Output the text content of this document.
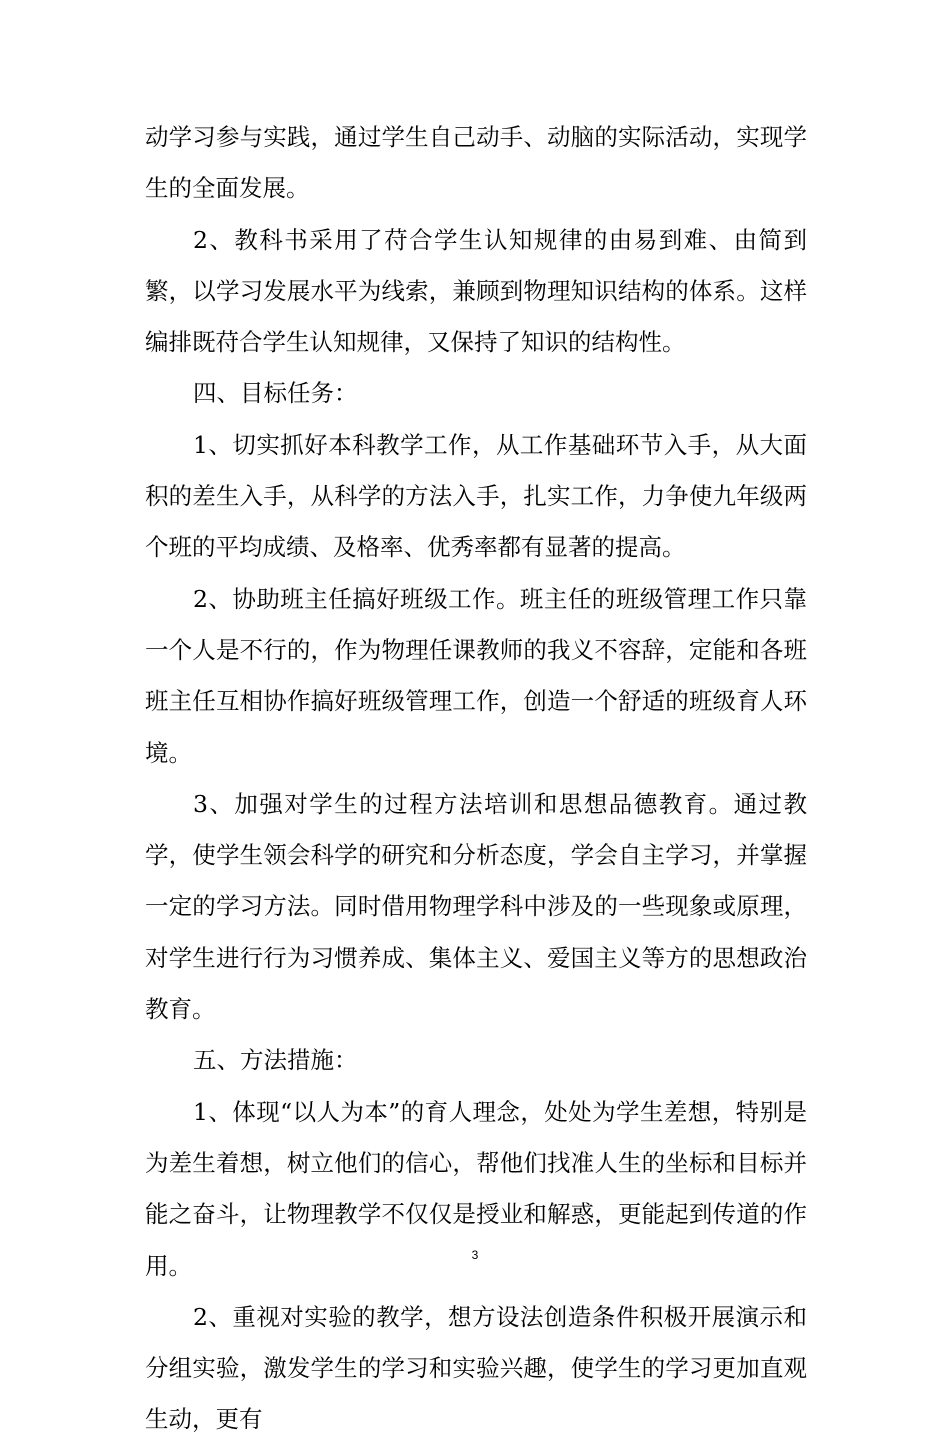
动学习参与实践，通过学生自己动手、动脑的实际活动，实现学生的全面发展。

2、教科书采用了苻合学生认知规律的由易到难、由简到繁，以学习发展水平为线索，兼顾到物理知识结构的体系。这样编排既苻合学生认知规律，又保持了知识的结构性。

四、目标任务：

1、切实抓好本科教学工作，从工作基础环节入手，从大面积的差生入手，从科学的方法入手，扎实工作，力争使九年级两个班的平均成绩、及格率、优秀率都有显著的提高。

2、协助班主任搞好班级工作。班主任的班级管理工作只靠一个人是不行的，作为物理任课教师的我义不容辞，定能和各班班主任互相协作搞好班级管理工作，创造一个舒适的班级育人环境。

3、加强对学生的过程方法培训和思想品德教育。通过教学，使学生领会科学的研究和分析态度，学会自主学习，并掌握一定的学习方法。同时借用物理学科中涉及的一些现象或原理，对学生进行行为习惯养成、集体主义、爱国主义等方的思想政治教育。

五、方法措施：

1、体现“以人为本”的育人理念，处处为学生差想，特别是为差生着想，树立他们的信心，帮他们找准人生的坐标和目标并能之奋斗，让物理教学不仅仅是授业和解惑，更能起到传道的作用。

2、重视对实验的教学，想方设法创造条件积极开展演示和分组实验，激发学生的学习和实验兴趣，使学生的学习更加直观生动，更有

3
